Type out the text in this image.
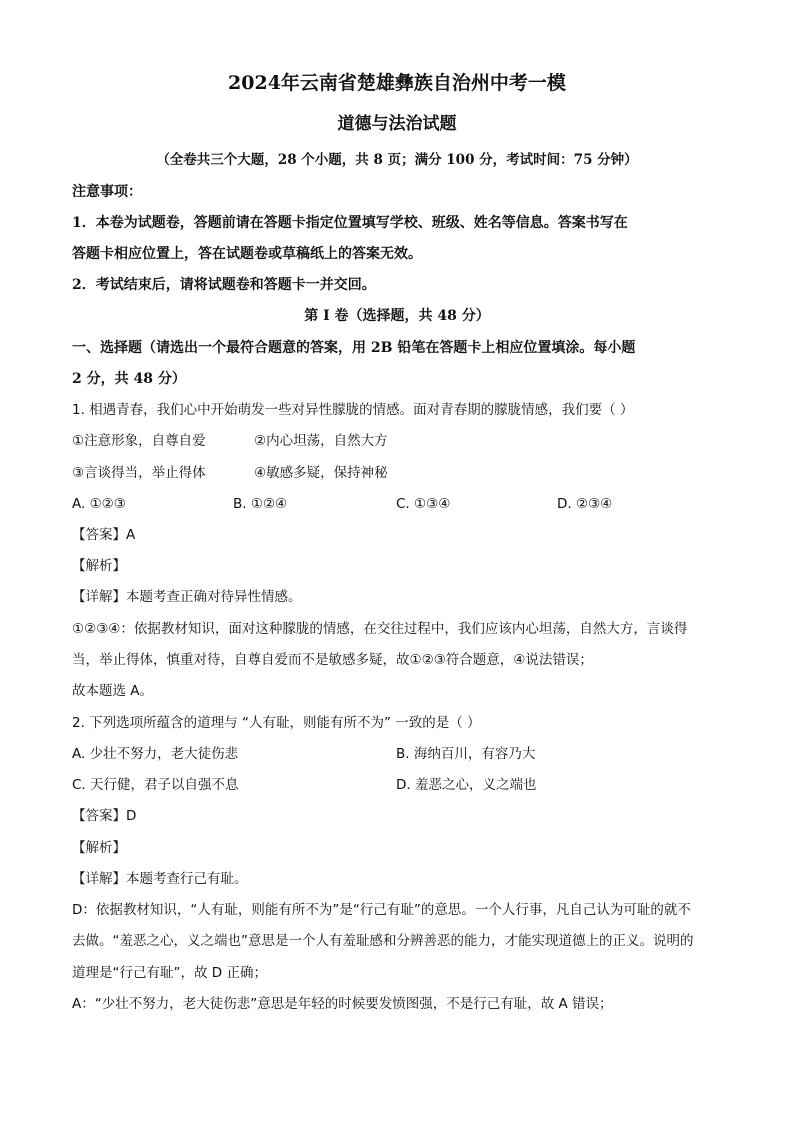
2024年云南省楚雄彝族自治州中考一模
道德与法治试题
（全卷共三个大题，28 个小题，共 8 页；满分 100 分，考试时间：75 分钟）
注意事项：
1．本卷为试题卷，答题前请在答题卡指定位置填写学校、班级、姓名等信息。答案书写在
答题卡相应位置上，答在试题卷或草稿纸上的答案无效。
2．考试结束后，请将试题卷和答题卡一并交回。
第 I 卷（选择题，共 48 分）
一、选择题（请选出一个最符合题意的答案，用 2B 铅笔在答题卡上相应位置填涂。每小题
2 分，共 48 分）
1. 相遇青春，我们心中开始萌发一些对异性朦胧的情感。面对青春期的朦胧情感，我们要（ ）
①注意形象，自尊自爱	②内心坦荡，自然大方
③言谈得当，举止得体	④敏感多疑，保持神秘
A. ①②③	B. ①②④	C. ①③④	D. ②③④
【答案】A
【解析】
【详解】本题考查正确对待异性情感。
①②③④：依据教材知识，面对这种朦胧的情感，在交往过程中，我们应该内心坦荡，自然大方，言谈得
当，举止得体，慎重对待，自尊自爱而不是敏感多疑，故①②③符合题意，④说法错误；
故本题选 A。
2. 下列选项所蕴含的道理与 “人有耻，则能有所不为” 一致的是（ ）
A. 少壮不努力，老大徒伤悲	B. 海纳百川，有容乃大
C. 天行健，君子以自强不息	D. 羞恶之心，义之端也
【答案】D
【解析】
【详解】本题考查行己有耻。
D：依据教材知识，“人有耻，则能有所不为”是“行己有耻”的意思。一个人行事，凡自己认为可耻的就不
去做。“羞恶之心，义之端也”意思是一个人有羞耻感和分辨善恶的能力，才能实现道德上的正义。说明的
道理是“行己有耻”，故 D 正确；
A：“少壮不努力，老大徒伤悲”意思是年轻的时候要发愤图强，不是行己有耻，故 A 错误；
